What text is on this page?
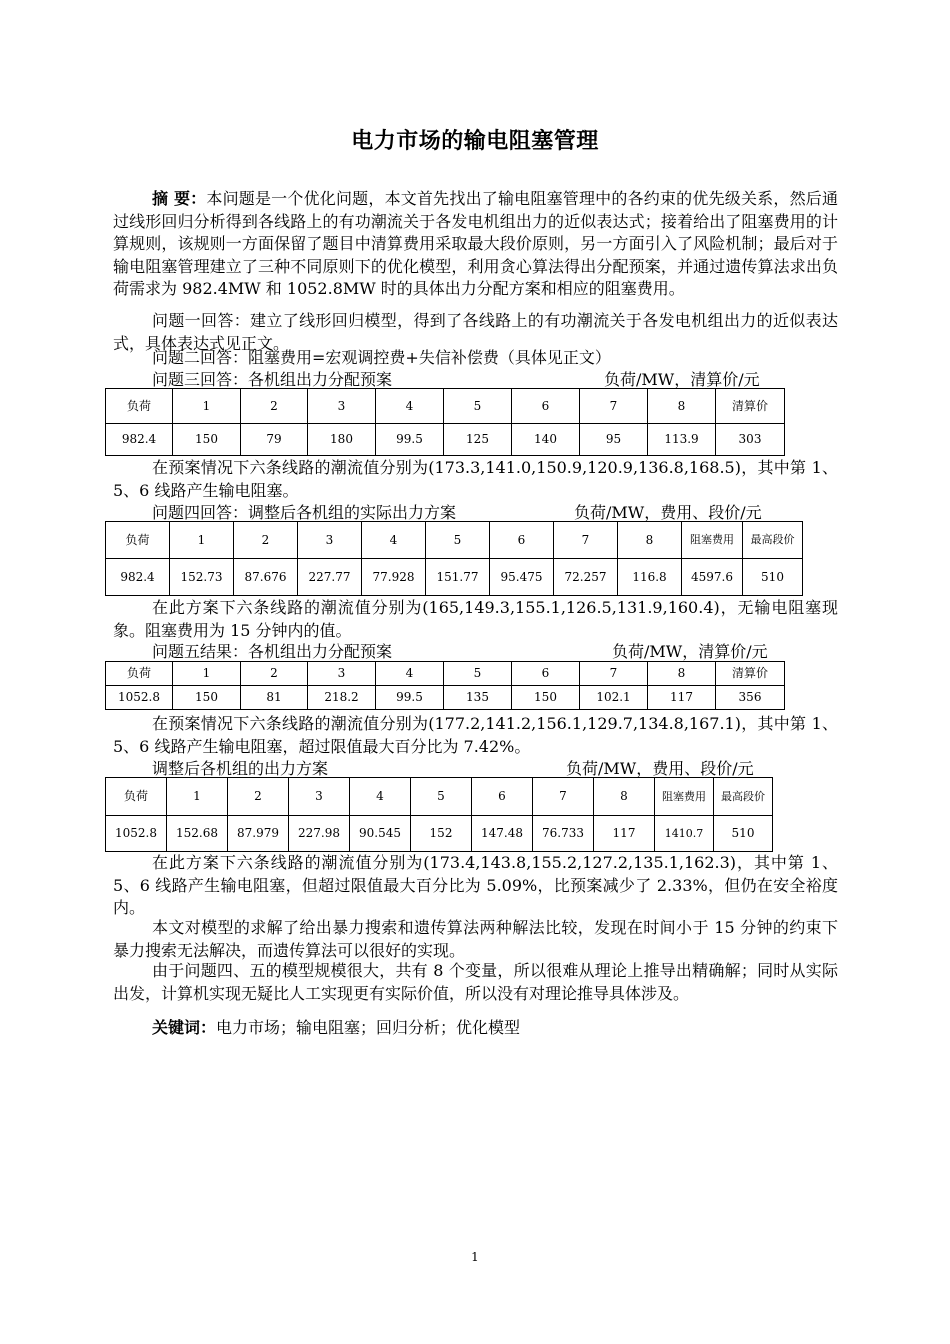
电力市场的输电阻塞管理

摘 要：本问题是一个优化问题，本文首先找出了输电阻塞管理中的各约束的优先级关系，然后通过线形回归分析得到各线路上的有功潮流关于各发电机组出力的近似表达式；接着给出了阻塞费用的计算规则，该规则一方面保留了题目中清算费用采取最大段价原则，另一方面引入了风险机制；最后对于输电阻塞管理建立了三种不同原则下的优化模型，利用贪心算法得出分配预案，并通过遗传算法求出负荷需求为 982.4MW 和 1052.8MW 时的具体出力分配方案和相应的阻塞费用。

问题一回答：建立了线形回归模型，得到了各线路上的有功潮流关于各发电机组出力的近似表达式，具体表达式见正文。

问题二回答：阻塞费用=宏观调控费+失信补偿费（具体见正文）
问题三回答：各机组出力分配预案	负荷/MW，清算价/元
负荷	1	2	3	4	5	6	7	8	清算价
982.4	150	79	180	99.5	125	140	95	113.9	303

在预案情况下六条线路的潮流值分别为(173.3,141.0,150.9,120.9,136.8,168.5)，其中第 1、5、6 线路产生输电阻塞。

问题四回答：调整后各机组的实际出力方案	负荷/MW，费用、段价/元
负荷	1	2	3	4	5	6	7	8	阻塞费用	最高段价
982.4	152.73	87.676	227.77	77.928	151.77	95.475	72.257	116.8	4597.6	510

在此方案下六条线路的潮流值分别为(165,149.3,155.1,126.5,131.9,160.4)，无输电阻塞现象。阻塞费用为 15 分钟内的值。

问题五结果：各机组出力分配预案	负荷/MW，清算价/元
负荷	1	2	3	4	5	6	7	8	清算价
1052.8	150	81	218.2	99.5	135	150	102.1	117	356

在预案情况下六条线路的潮流值分别为(177.2,141.2,156.1,129.7,134.8,167.1)，其中第 1、5、6 线路产生输电阻塞，超过限值最大百分比为 7.42%。

调整后各机组的出力方案	负荷/MW，费用、段价/元
负荷	1	2	3	4	5	6	7	8	阻塞费用	最高段价
1052.8	152.68	87.979	227.98	90.545	152	147.48	76.733	117	1410.7	510

在此方案下六条线路的潮流值分别为(173.4,143.8,155.2,127.2,135.1,162.3)，其中第 1、5、6 线路产生输电阻塞，但超过限值最大百分比为 5.09%，比预案减少了 2.33%，但仍在安全裕度内。

本文对模型的求解了给出暴力搜索和遗传算法两种解法比较，发现在时间小于 15 分钟的约束下暴力搜索无法解决，而遗传算法可以很好的实现。

由于问题四、五的模型规模很大，共有 8 个变量，所以很难从理论上推导出精确解；同时从实际出发，计算机实现无疑比人工实现更有实际价值，所以没有对理论推导具体涉及。

关键词：电力市场；输电阻塞；回归分析；优化模型

1
